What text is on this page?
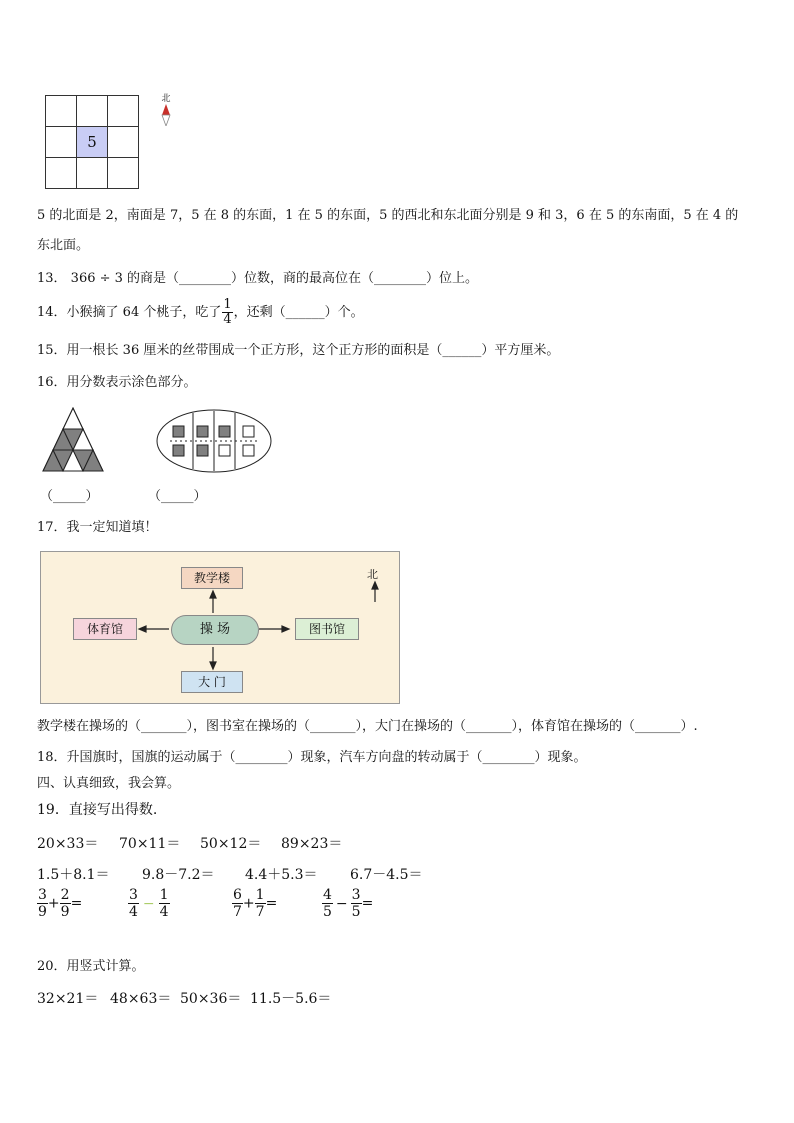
	5	

北
5 的北面是 2，南面是 7，5 在 8 的东面，1 在 5 的东面，5 的西北和东北面分别是 9 和 3，6 在 5 的东南面，5 在 4 的
东北面。
13． 366 ÷ 3 的商是（________）位数，商的最高位在（________）位上。
14．小猴摘了 64 个桃子，吃了 $\frac{1}{4}$ ，还剩（______）个。
15．用一根长 36 厘米的丝带围成一个正方形，这个正方形的面积是（______）平方厘米。
16．用分数表示涂色部分。
（_____）	（_____）
17．我一定知道填！
教学楼
操 场	图书馆
体育馆
大 门
北
教学楼在操场的（_______），图书室在操场的（_______），大门在操场的（_______），体育馆在操场的（_______）.
18．升国旗时，国旗的运动属于（________）现象，汽车方向盘的转动属于（________）现象。
四、认真细致，我会算。
19．直接写出得数.
20×33＝ 70×11＝ 50×12＝ 89×23＝
1.5＋8.1＝ 9.8－7.2＝ 4.4＋5.3＝ 6.7－4.5＝
$\frac{3}{9} + \frac{2}{9}$ =	$\frac{3}{4} - \frac{1}{4}$	$\frac{6}{7} + \frac{1}{7}$ =	$\frac{4}{5} - \frac{3}{5}$ =
20．用竖式计算。
32×21＝ 48×63＝ 50×36＝ 11.5－5.6＝
